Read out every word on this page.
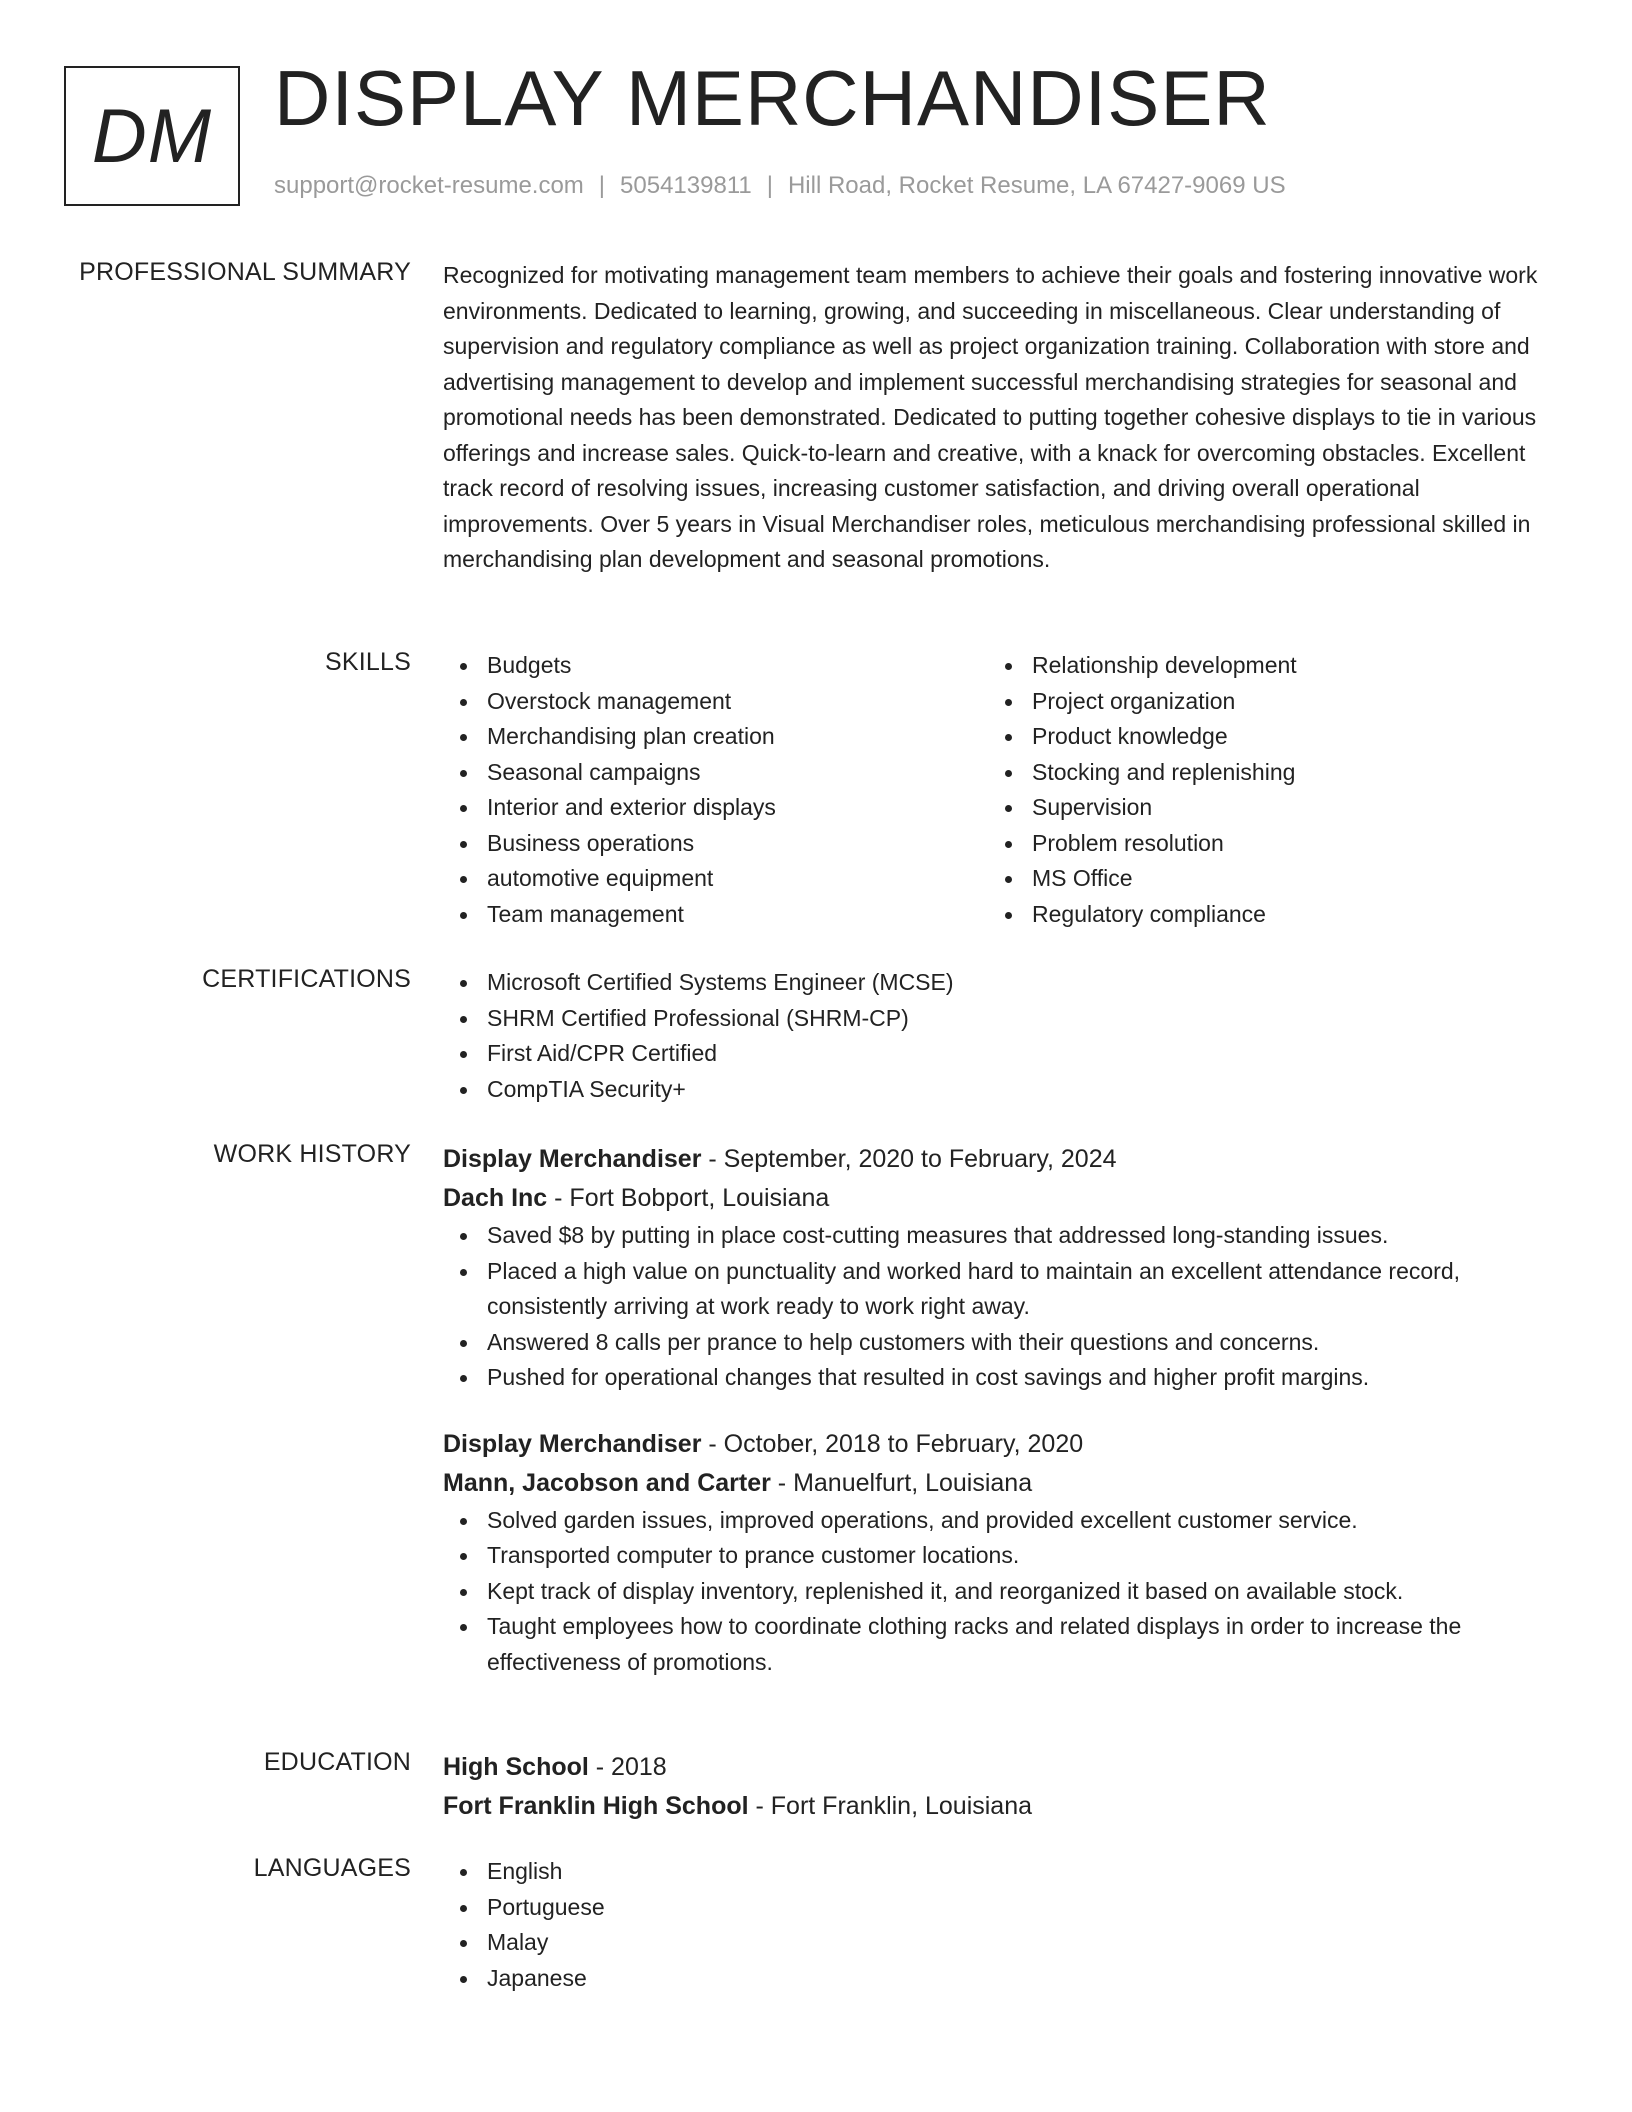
DM DISPLAY MERCHANDISER
support@rocket-resume.com | 5054139811 | Hill Road, Rocket Resume, LA 67427-9069 US
PROFESSIONAL SUMMARY Recognized for motivating management team members to achieve their goals and fostering innovative work environments. Dedicated to learning, growing, and succeeding in miscellaneous. Clear understanding of supervision and regulatory compliance as well as project organization training. Collaboration with store and advertising management to develop and implement successful merchandising strategies for seasonal and promotional needs has been demonstrated. Dedicated to putting together cohesive displays to tie in various offerings and increase sales. Quick-to-learn and creative, with a knack for overcoming obstacles. Excellent track record of resolving issues, increasing customer satisfaction, and driving overall operational improvements. Over 5 years in Visual Merchandiser roles, meticulous merchandising professional skilled in merchandising plan development and seasonal promotions.

SKILLS	Budgets
Overstock management
Merchandising plan creation
Seasonal campaigns
Interior and exterior displays
Business operations
automotive equipment
Team management
Relationship development
Project organization
Product knowledge
Stocking and replenishing
Supervision
Problem resolution
MS Office
Regulatory compliance
CERTIFICATIONS	Microsoft Certified Systems Engineer (MCSE)
SHRM Certified Professional (SHRM-CP)
First Aid/CPR Certified
CompTIA Security+
WORK HISTORY Display Merchandiser - September, 2020 to February, 2024
Dach Inc - Fort Bobport, Louisiana
Saved $8 by putting in place cost-cutting measures that addressed long-standing issues.
Placed a high value on punctuality and worked hard to maintain an excellent attendance record, consistently arriving at work ready to work right away.
Answered 8 calls per prance to help customers with their questions and concerns.
Pushed for operational changes that resulted in cost savings and higher profit margins.
Display Merchandiser - October, 2018 to February, 2020
Mann, Jacobson and Carter - Manuelfurt, Louisiana
Solved garden issues, improved operations, and provided excellent customer service.
Transported computer to prance customer locations.
Kept track of display inventory, replenished it, and reorganized it based on available stock.
Taught employees how to coordinate clothing racks and related displays in order to increase the effectiveness of promotions.
EDUCATION High School - 2018
Fort Franklin High School - Fort Franklin, Louisiana
LANGUAGES	English
Portuguese
Malay
Japanese
